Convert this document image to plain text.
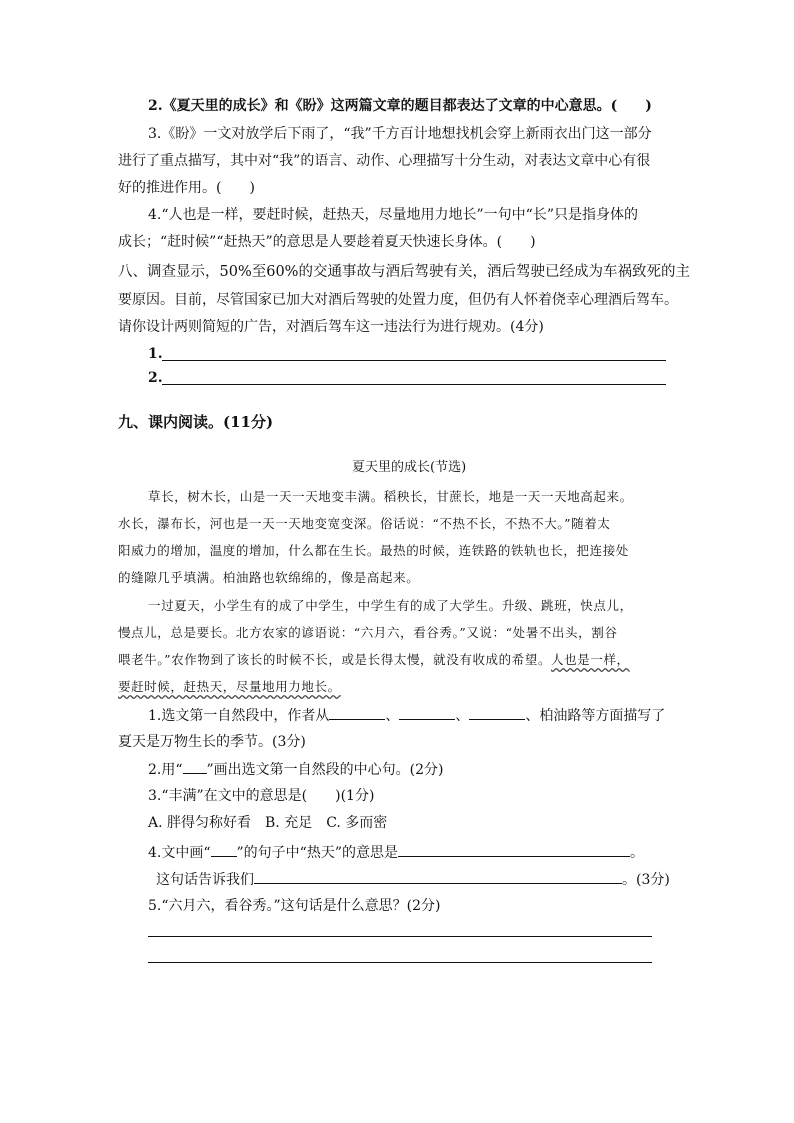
2.《夏天里的成长》和《盼》这两篇文章的题目都表达了文章的中心意思。(　　)
3.《盼》一文对放学后下雨了，“我”千方百计地想找机会穿上新雨衣出门这一部分
进行了重点描写，其中对“我”的语言、动作、心理描写十分生动，对表达文章中心有很
好的推进作用。(　　)
4.“人也是一样，要赶时候，赶热天，尽量地用力地长”一句中“长”只是指身体的
成长；“赶时候”“赶热天”的意思是人要趁着夏天快速长身体。(　　)
八、调查显示，50%至60%的交通事故与酒后驾驶有关，酒后驾驶已经成为车祸致死的主
要原因。目前，尽管国家已加大对酒后驾驶的处置力度，但仍有人怀着侥幸心理酒后驾车。
请你设计两则简短的广告，对酒后驾车这一违法行为进行规劝。(4分)
1.
2.
九、课内阅读。(11分)
夏天里的成长(节选)
草长，树木长，山是一天一天地变丰满。稻秧长，甘蔗长，地是一天一天地高起来。
水长，瀑布长，河也是一天一天地变宽变深。俗话说：“不热不长，不热不大。”随着太
阳威力的增加，温度的增加，什么都在生长。最热的时候，连铁路的铁轨也长，把连接处
的缝隙几乎填满。柏油路也软绵绵的，像是高起来。
一过夏天，小学生有的成了中学生，中学生有的成了大学生。升级、跳班，快点儿，
慢点儿，总是要长。北方农家的谚语说：“六月六，看谷秀。”又说：“处暑不出头，割谷
喂老牛。”农作物到了该长的时候不长，或是长得太慢，就没有收成的希望。人也是一样，
要赶时候，赶热天，尽量地用力地长。
1.选文第一自然段中，作者从	、	、	、柏油路等方面描写了
夏天是万物生长的季节。(3分)
2.用“ ”画出选文第一自然段的中心句。(2分)
3.“丰满”在文中的意思是(　　)(1分)
A. 胖得匀称好看　B. 充足　C. 多而密
4.文中画“ ”的句子中“热天”的意思是	。
这句话告诉我们	。(3分)
5.“六月六，看谷秀。”这句话是什么意思？(2分)
